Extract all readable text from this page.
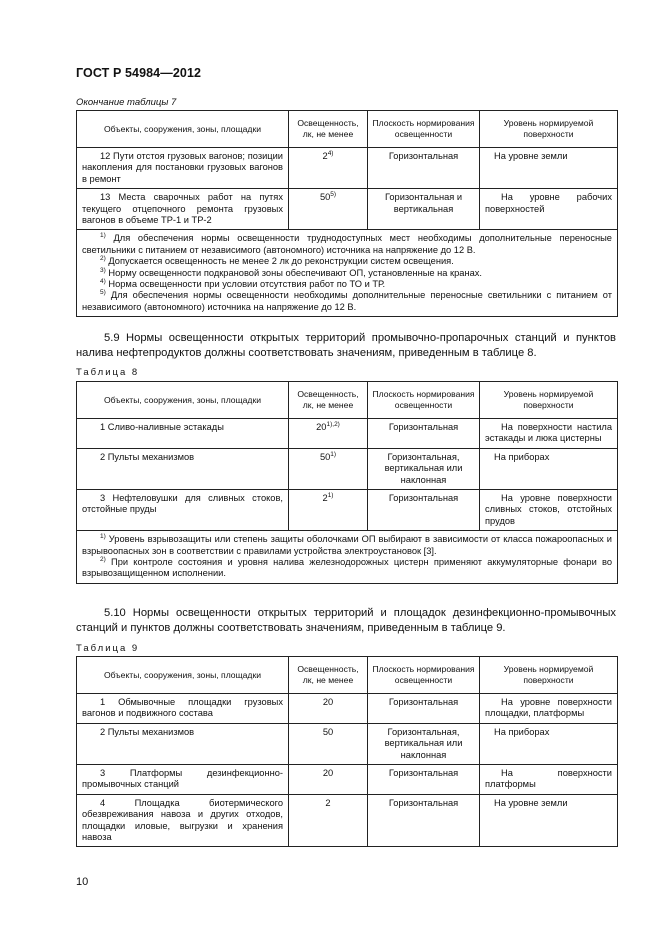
ГОСТ Р 54984—2012
Окончание таблицы 7
Объекты, сооружения, зоны, площадки	Освещенность, лк, не менее	Плоскость нормирования освещенности	Уровень нормируемой поверхности
12 Пути отстоя грузовых вагонов; позиции накопления для постановки грузовых вагонов в ремонт	2$^{4)}$	Горизонтальная	На уровне земли
13 Места сварочных работ на путях текущего отцепочного ремонта грузовых вагонов в объеме ТР-1 и ТР-2	50$^{5)}$	Горизонтальная и вертикальная	На уровне рабочих поверхностей

$^{1)}$ Для обеспечения нормы освещенности труднодоступных мест необходимы дополнительные переносные светильники с питанием от независимого (автономного) источника на напряжение до 12 В.
$^{2)}$ Допускается освещенность не менее 2 лк до реконструкции систем освещения.
$^{3)}$ Норму освещенности подкрановой зоны обеспечивают ОП, установленные на кранах.
$^{4)}$ Норма освещенности при условии отсутствия работ по ТО и ТР.
$^{5)}$ Для обеспечения нормы освещенности необходимы дополнительные переносные светильники с питанием от независимого (автономного) источника на напряжение до 12 В.			
5.9 Нормы освещенности открытых территорий промывочно-пропарочных станций и пунктов налива нефтепродуктов должны соответствовать значениям, приведенным в таблице 8.
Таблица 8
Объекты, сооружения, зоны, площадки	Освещенность, лк, не менее	Плоскость нормирования освещенности	Уровень нормируемой поверхности
1 Сливо-наливные эстакады	$20^{1),2)}$	Горизонтальная	На поверхности настила эстакады и люка цистерны
2 Пульты механизмов	50$^{1)}$	Горизонтальная, вертикальная или наклонная	На приборах
3 Нефтеловушки для сливных стоков, отстойные пруды	2$^{1)}$	Горизонтальная	На уровне поверхности сливных стоков, отстойных прудов

$^{1)}$ Уровень взрывозащиты или степень защиты оболочками ОП выбирают в зависимости от класса пожароопасных и взрывоопасных зон в соответствии с правилами устройства электроустановок [3].
$^{2)}$ При контроле состояния и уровня налива железнодорожных цистерн применяют аккумуляторные фонари во взрывозащищенном исполнении.			
5.10 Нормы освещенности открытых территорий и площадок дезинфекционно-промывочных станций и пунктов должны соответствовать значениям, приведенным в таблице 9.
Таблица 9
Объекты, сооружения, зоны, площадки	Освещенность, лк, не менее	Плоскость нормирования освещенности	Уровень нормируемой поверхности
1 Обмывочные площадки грузовых вагонов и подвижного состава	20	Горизонтальная	На уровне поверхности площадки, платформы
2 Пульты механизмов	50	Горизонтальная, вертикальная или наклонная	На приборах
3 Платформы дезинфекционно-промывочных станций	20	Горизонтальная	На поверхности платформы
4 Площадка биотермического обезвреживания навоза и других отходов, площадки иловые, выгрузки и хранения навоза	2	Горизонтальная	На уровне земли
10
